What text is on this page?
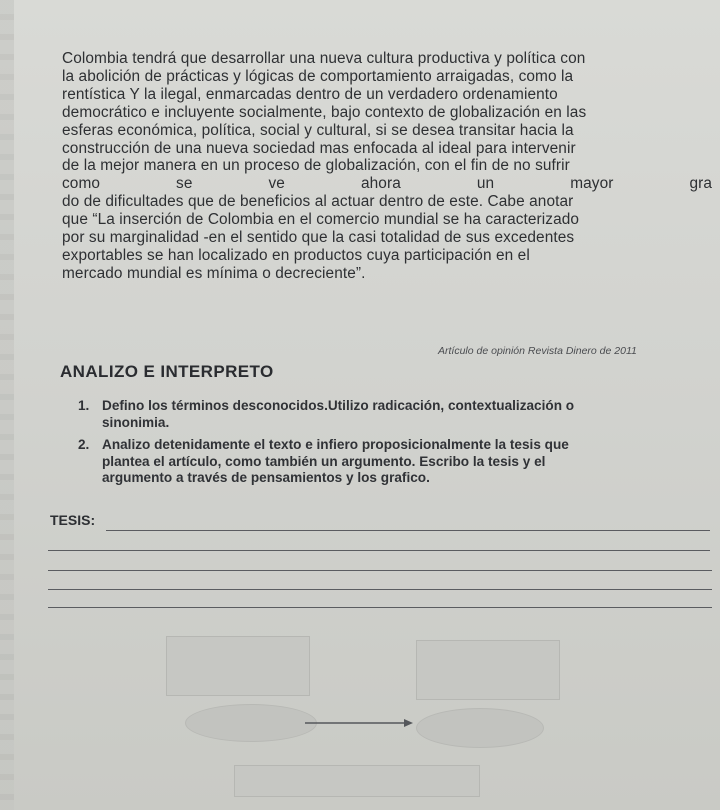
Colombia tendrá que desarrollar una nueva cultura productiva y política con
la abolición de prácticas y lógicas de comportamiento arraigadas, como la
rentística Y la ilegal, enmarcadas dentro de un verdadero ordenamiento
democrático e incluyente socialmente, bajo contexto de globalización en las
esferas económica, política, social y cultural, si se desea transitar hacia la
construcción de una nueva sociedad mas enfocada al ideal para intervenir
de la mejor manera en un proceso de globalización, con el fin de no sufrir
como	se	ve	ahora	un	mayor	gra
do de dificultades que de beneficios al actuar dentro de este. Cabe anotar
que “La inserción de Colombia en el comercio mundial se ha caracterizado
por su marginalidad -en el sentido que la casi totalidad de sus excedentes
exportables se han localizado en productos cuya participación en el
mercado mundial es mínima o decreciente”.
Artículo de opinión Revista Dinero de 2011
ANALIZO E INTERPRETO
1. Defino los términos desconocidos.Utilizo radicación, contextualización o
sinonimia.
2. Analizo detenidamente el texto e infiero proposicionalmente la tesis que
plantea el artículo, como también un argumento. Escribo la tesis y el
argumento a través de pensamientos y los grafico.
TESIS:
